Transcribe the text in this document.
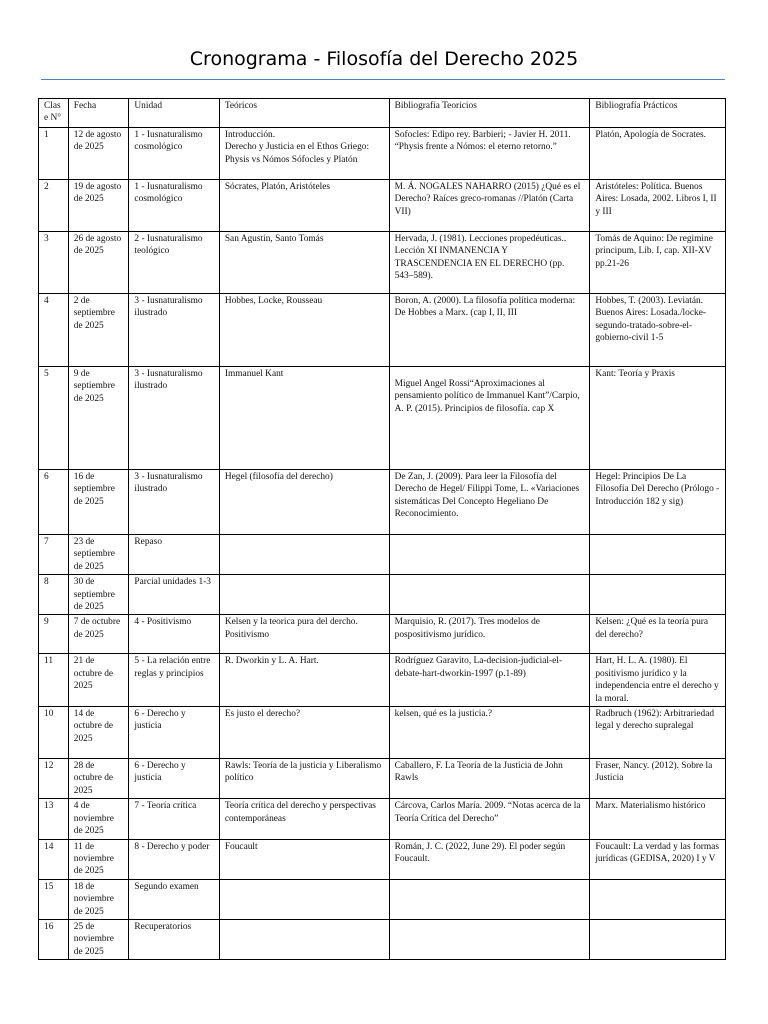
Cronograma - Filosofía del Derecho 2025
Clase N°	Fecha	Unidad	Teóricos	Bibliografía Teoricios	Bibliografía Prácticos
1	12 de agosto de 2025	1 - Iusnaturalismo cosmológico	Introducción.
Derecho y Justicia en el Ethos Griego: Physis vs Nómos Sófocles y Platón	Sofocles: Edipo rey. Barbieri; - Javier H. 2011. “Physis frente a Nómos: el eterno retorno.”	Platón, Apología de Socrates.
2	19 de agosto de 2025	1 - Iusnaturalismo cosmológico	Sócrates, Platón, Aristóteles	M. Á. NOGALES NAHARRO (2015) ¿Qué es el Derecho? Raíces greco-romanas //Platón (Carta VII)	Aristóteles: Política. Buenos Aires: Losada, 2002. Libros I, II y III
3	26 de agosto de 2025	2 - Iusnaturalismo teológico	San Agustín, Santo Tomás	Hervada, J. (1981). Lecciones propedéuticas.. Lección XI INMANENCIA Y TRASCENDENCIA EN EL DERECHO (pp. 543–589).	Tomás de Aquino: De regimine principum, Lib. I, cap. XII-XV pp.21-26
4	2 de septiembre de 2025	3 - Iusnaturalismo ilustrado	Hobbes, Locke, Rousseau	Boron, A. (2000). La filosofía política moderna: De Hobbes a Marx. (cap I, II, III	Hobbes, T. (2003). Leviatán. Buenos Aires: Losada./locke-segundo-tratado-sobre-el-gobierno-civil 1-5
5	9 de septiembre de 2025	3 - Iusnaturalismo ilustrado	Immanuel Kant	Miguel Angel Rossi“Aproximaciones al pensamiento político de Immanuel Kant”/Carpio, A. P. (2015). Principios de filosofía. cap X	Kant: Teoría y Praxis
6	16 de septiembre de 2025	3 - Iusnaturalismo ilustrado	Hegel (filosofía del derecho)	De Zan, J. (2009). Para leer la Filosofía del Derecho de Hegel/ Filippi Tome, L. «Variaciones sistemáticas Del Concepto Hegeliano De Reconocimiento.	Hegel: Principios De La Filosofía Del Derecho (Prólogo -Introducción 182 y sig)
7	23 de septiembre de 2025	Repaso			
8	30 de septiembre de 2025	Parcial unidades 1-3			
9	7 de octubre de 2025	4 - Positivismo	Kelsen y la teorica pura del dercho. Positivismo	Marquisio, R. (2017). Tres modelos de pospositivismo jurídico.	Kelsen: ¿Qué es la teoría pura del derecho?
11	21 de octubre de 2025	5 - La relación entre reglas y principios	R. Dworkin y L. A. Hart.	Rodríguez Garavito, La-decision-judicial-el-debate-hart-dworkin-1997 (p.1-89)	Hart, H. L. A. (1980). El positivismo jurídico y la independencia entre el derecho y la moral.
10	14 de octubre de 2025	6 - Derecho y justicia	Es justo el derecho?	kelsen, qué es la justicia.?	Radbruch (1962): Arbitrariedad legal y derecho supralegal
12	28 de octubre de 2025	6 - Derecho y justicia	Rawls: Teoría de la justicia y Liberalismo político	Caballero, F. La Teoría de la Justicia de John Rawls	Fraser, Nancy. (2012). Sobre la Justicia
13	4 de noviembre de 2025	7 - Teoría crítica	Teoría crítica del derecho y perspectivas contemporáneas	Cárcova, Carlos María. 2009. “Notas acerca de la Teoría Crítica del Derecho”	Marx. Materialismo histórico
14	11 de noviembre de 2025	8 - Derecho y poder	Foucault	Román, J. C. (2022, June 29). El poder según Foucault.	Foucault: La verdad y las formas jurídicas (GEDISA, 2020) I y V
15	18 de noviembre de 2025	Segundo examen			
16	25 de noviembre de 2025	Recuperatorios			
